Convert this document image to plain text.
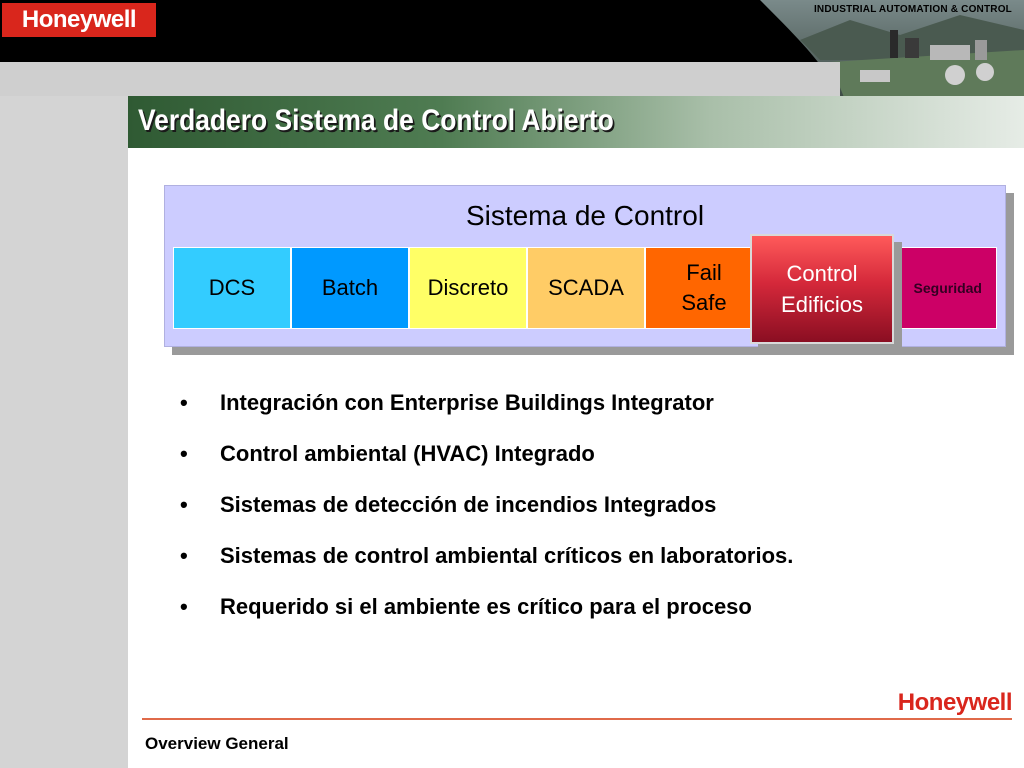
Honeywell	INDUSTRIAL AUTOMATION & CONTROL
Verdadero Sistema de Control Abierto
Sistema de Control
DCS	Batch Discreto SCADA
Fail
Safe
Seguridad
Control
Edificios
• Integración con Enterprise Buildings Integrator
• Control ambiental (HVAC) Integrado
• Sistemas de detección de incendios Integrados
• Sistemas de control ambiental críticos en laboratorios.
• Requerido si el ambiente es crítico para el proceso
Honeywell
Overview General
